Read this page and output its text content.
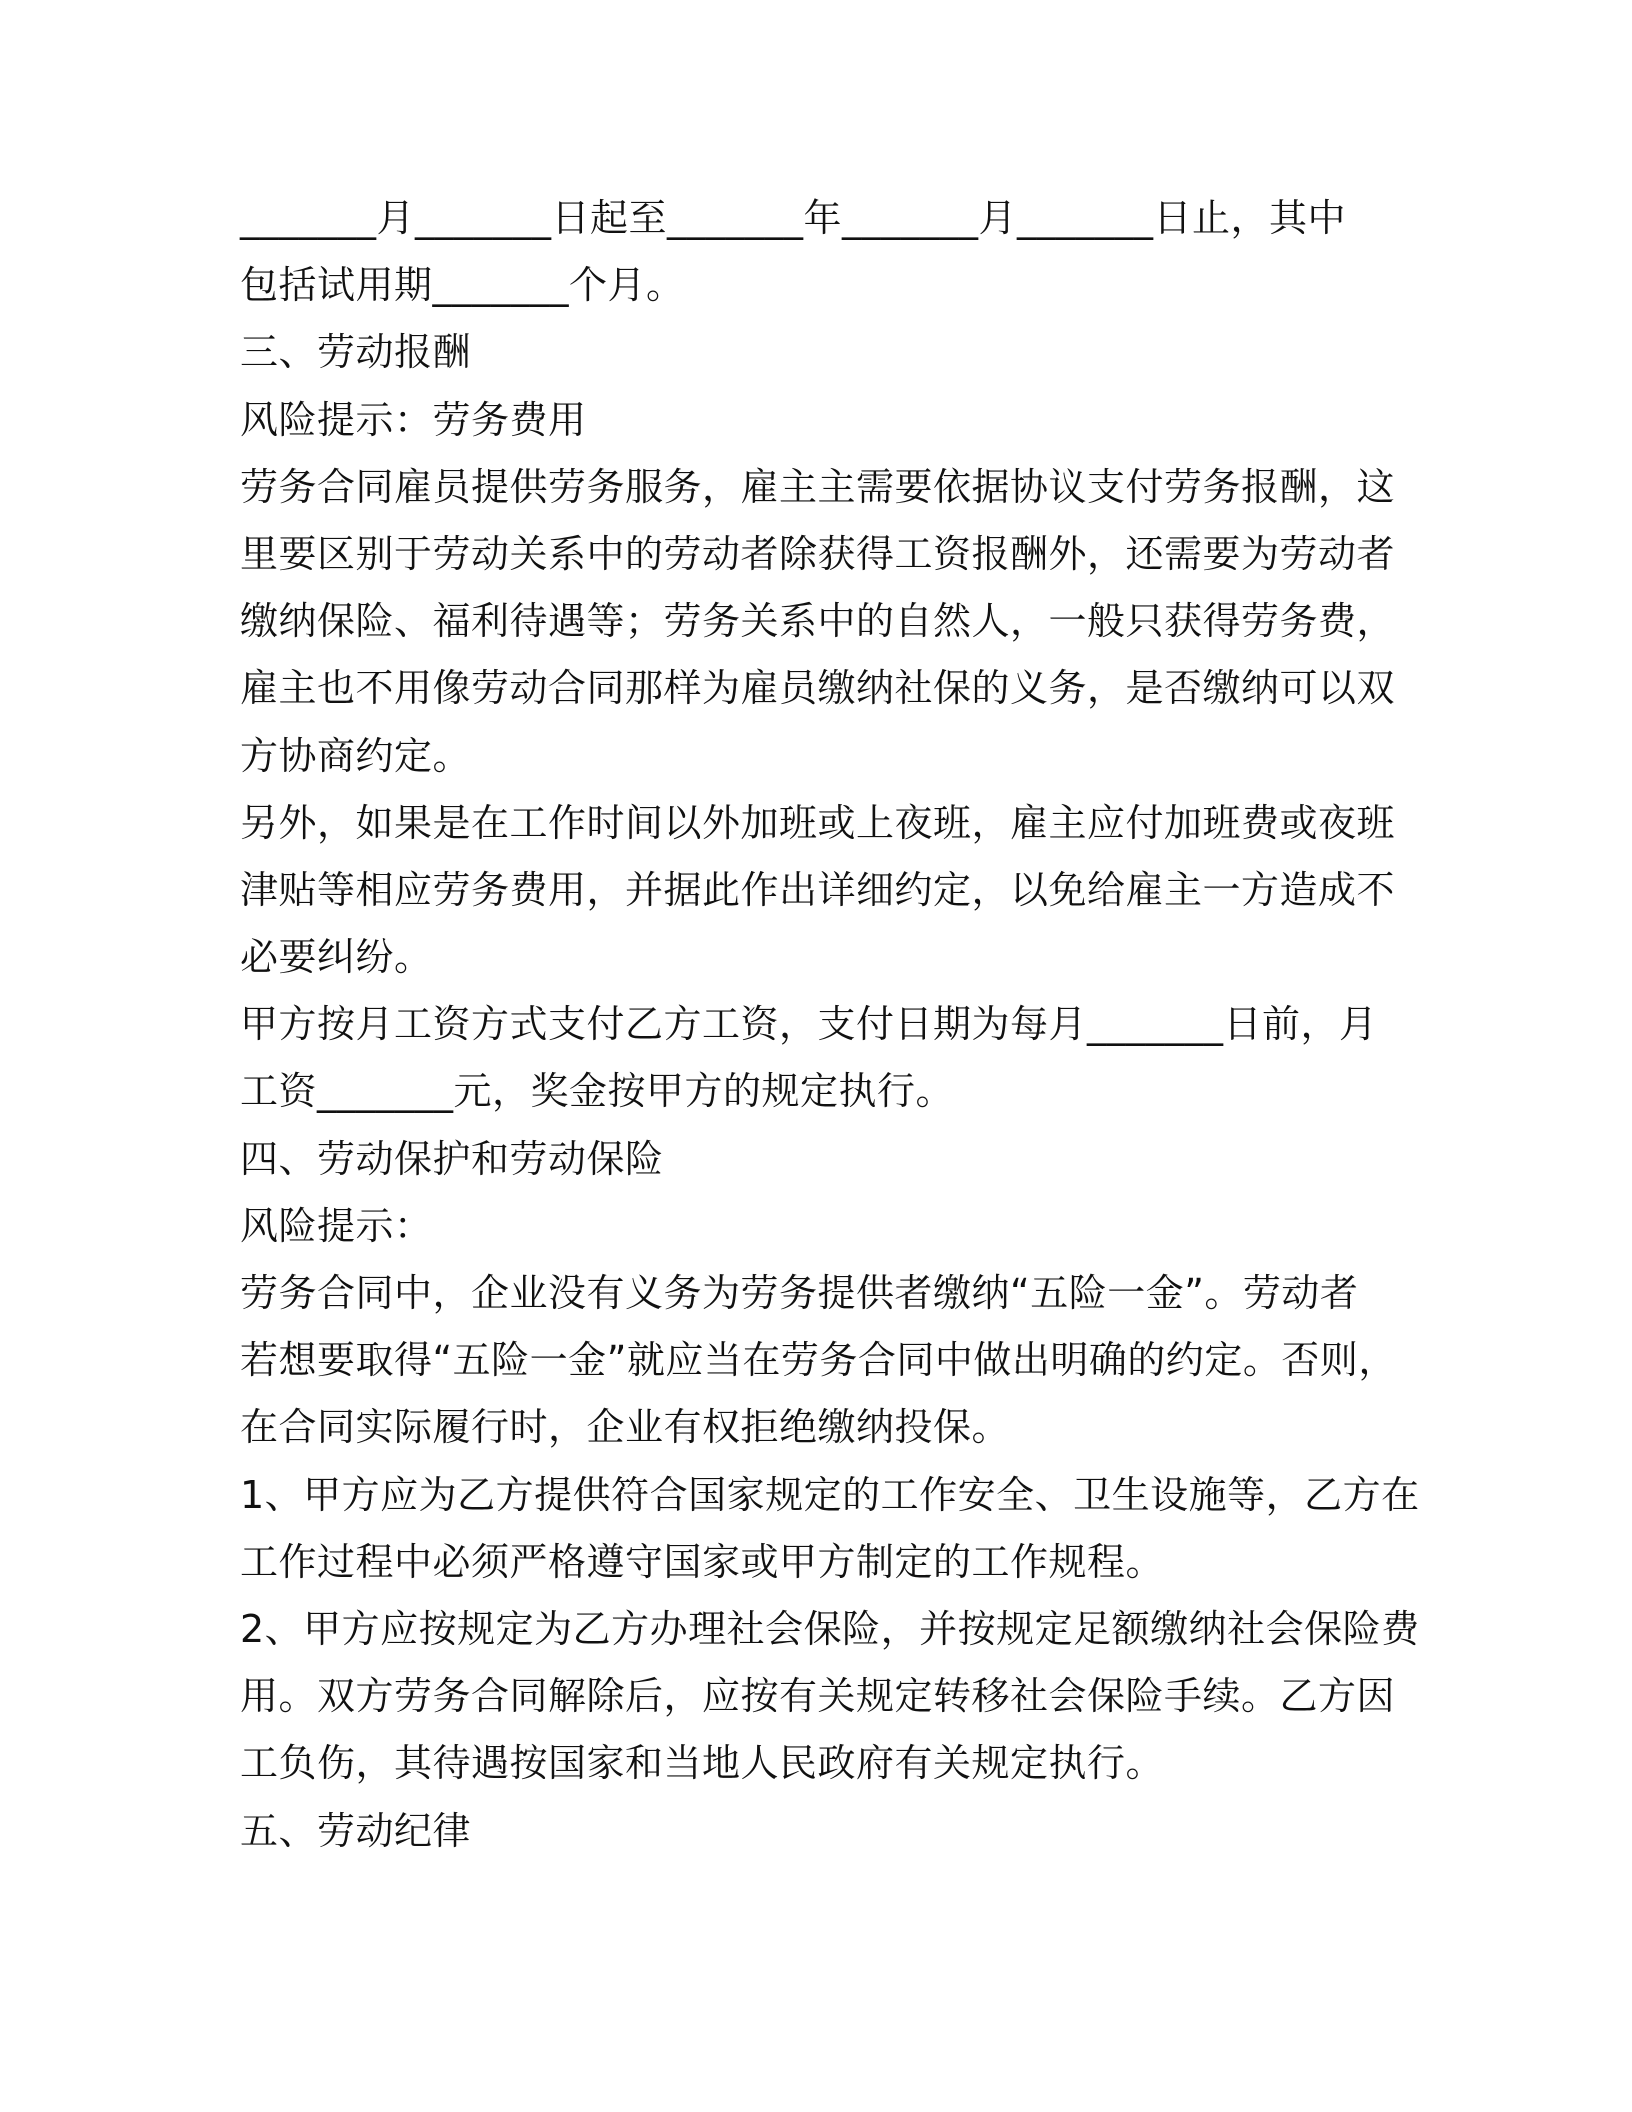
_______月_______日起至_______年_______月_______日止，其中
包括试用期_______个月。
三、劳动报酬
风险提示：劳务费用
劳务合同雇员提供劳务服务，雇主主需要依据协议支付劳务报酬，这
里要区别于劳动关系中的劳动者除获得工资报酬外，还需要为劳动者
缴纳保险、福利待遇等；劳务关系中的自然人，一般只获得劳务费，
雇主也不用像劳动合同那样为雇员缴纳社保的义务，是否缴纳可以双
方协商约定。
另外，如果是在工作时间以外加班或上夜班，雇主应付加班费或夜班
津贴等相应劳务费用，并据此作出详细约定，以免给雇主一方造成不
必要纠纷。
甲方按月工资方式支付乙方工资，支付日期为每月_______日前，月
工资_______元，奖金按甲方的规定执行。
四、劳动保护和劳动保险
风险提示：
劳务合同中，企业没有义务为劳务提供者缴纳“五险一金”。劳动者
若想要取得“五险一金”就应当在劳务合同中做出明确的约定。否则，
在合同实际履行时，企业有权拒绝缴纳投保。
1、甲方应为乙方提供符合国家规定的工作安全、卫生设施等，乙方在
工作过程中必须严格遵守国家或甲方制定的工作规程。
2、甲方应按规定为乙方办理社会保险，并按规定足额缴纳社会保险费
用。双方劳务合同解除后，应按有关规定转移社会保险手续。乙方因
工负伤，其待遇按国家和当地人民政府有关规定执行。
五、劳动纪律
